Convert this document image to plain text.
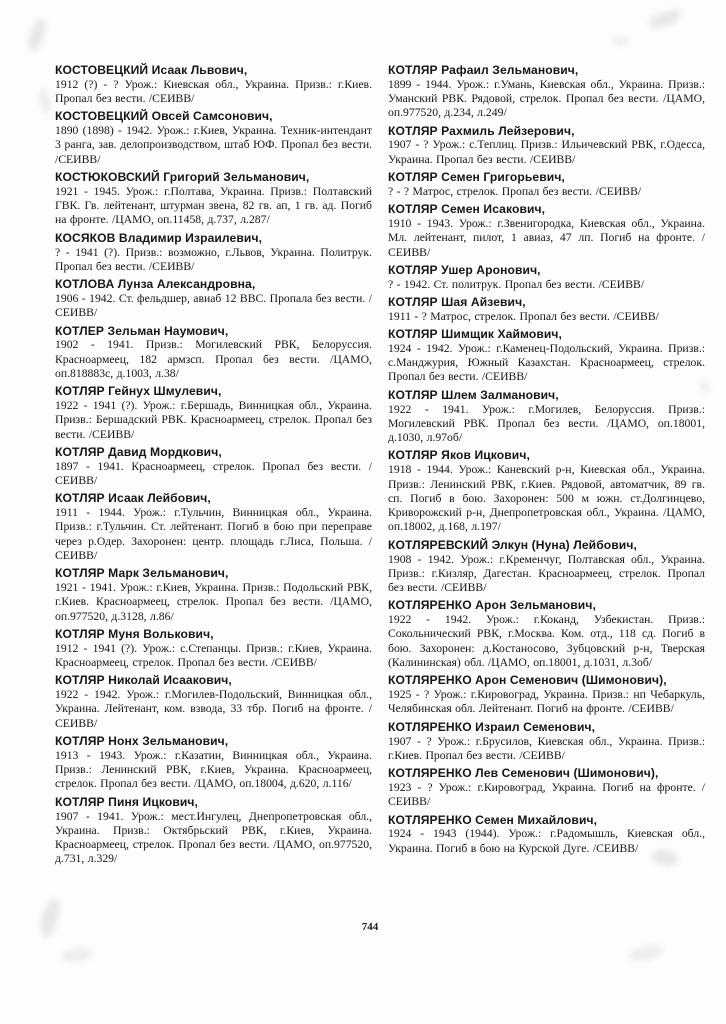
КОСТОВЕЦКИЙ Исаак Львович,
1912 (?) - ? Урож.: Киевская обл., Украина. Призв.: г.Киев. Пропал без вести. /СЕИВВ/
КОСТОВЕЦКИЙ Овсей Самсонович,
1890 (1898) - 1942. Урож.: г.Киев, Украина. Техник-интендант 3 ранга, зав. делопроизводством, штаб ЮФ. Пропал без вести. /СЕИВВ/
КОСТЮКОВСКИЙ Григорий Зельманович,
1921 - 1945. Урож.: г.Полтава, Украина. Призв.: Полтавский ГВК. Гв. лейтенант, штурман звена, 82 гв. ап, 1 гв. ад. Погиб на фронте. /ЦАМО, оп.11458, д.737, л.287/
КОСЯКОВ Владимир Израилевич,
? - 1941 (?). Призв.: возможно, г.Львов, Украина. Политрук. Пропал без вести. /СЕИВВ/
КОТЛОВА Лунза Александровна,
1906 - 1942. Ст. фельдшер, авиаб 12 ВВС. Пропала без вести. /СЕИВВ/
КОТЛЕР Зельман Наумович,
1902 - 1941. Призв.: Могилевский РВК, Белоруссия. Красноармеец, 182 армзсп. Пропал без вести. /ЦАМО, оп.818883с, д.1003, л.38/
КОТЛЯР Гейнух Шмулевич,
1922 - 1941 (?). Урож.: г.Бершадь, Винницкая обл., Украина. Призв.: Бершадский РВК. Красноармеец, стрелок. Пропал без вести. /СЕИВВ/
КОТЛЯР Давид Мордкович,
1897 - 1941. Красноармеец, стрелок. Пропал без вести. /СЕИВВ/
КОТЛЯР Исаак Лейбович,
1911 - 1944. Урож.: г.Тульчин, Винницкая обл., Украина. Призв.: г.Тульчин. Ст. лейтенант. Погиб в бою при переправе через р.Одер. Захоронен: центр. площадь г.Лиса, Польша. /СЕИВВ/
КОТЛЯР Марк Зельманович,
1921 - 1941. Урож.: г.Киев, Украина. Призв.: Подольский РВК, г.Киев. Красноармеец, стрелок. Пропал без вести. /ЦАМО, оп.977520, д.3128, л.86/
КОТЛЯР Муня Волькович,
1912 - 1941 (?). Урож.: с.Степанцы. Призв.: г.Киев, Украина. Красноармеец, стрелок. Пропал без вести. /СЕИВВ/
КОТЛЯР Николай Исаакович,
1922 - 1942. Урож.: г.Могилев-Подольский, Винницкая обл., Украина. Лейтенант, ком. взвода, 33 тбр. Погиб на фронте. /СЕИВВ/
КОТЛЯР Нонх Зельманович,
1913 - 1943. Урож.: г.Казатин, Винницкая обл., Украина. Призв.: Ленинский РВК, г.Киев, Украина. Красноармеец, стрелок. Пропал без вести. /ЦАМО, оп.18004, д.620, л.116/
КОТЛЯР Пиня Ицкович,
1907 - 1941. Урож.: мест.Ингулец, Днепропетровская обл., Украина. Призв.: Октябрьский РВК, г.Киев, Украина. Красноармеец, стрелок. Пропал без вести. /ЦАМО, оп.977520, д.731, л.329/
КОТЛЯР Рафаил Зельманович,
1899 - 1944. Урож.: г.Умань, Киевская обл., Украина. Призв.: Уманский РВК. Рядовой, стрелок. Пропал без вести. /ЦАМО, оп.977520, д.234, л.249/
КОТЛЯР Рахмиль Лейзерович,
1907 - ? Урож.: с.Теплиц. Призв.: Ильичевский РВК, г.Одесса, Украина. Пропал без вести. /СЕИВВ/
КОТЛЯР Семен Григорьевич,
? - ? Матрос, стрелок. Пропал без вести. /СЕИВВ/
КОТЛЯР Семен Исакович,
1910 - 1943. Урож.: г.Звенигородка, Киевская обл., Украина. Мл. лейтенант, пилот, 1 авиаз, 47 лп. Погиб на фронте. /СЕИВВ/
КОТЛЯР Ушер Аронович,
? - 1942. Ст. политрук. Пропал без вести. /СЕИВВ/
КОТЛЯР Шая Айзевич,
1911 - ? Матрос, стрелок. Пропал без вести. /СЕИВВ/
КОТЛЯР Шимщик Хаймович,
1924 - 1942. Урож.: г.Каменец-Подольский, Украина. Призв.: с.Манджурия, Южный Казахстан. Красноармеец, стрелок. Пропал без вести. /СЕИВВ/
КОТЛЯР Шлем Залманович,
1922 - 1941. Урож.: г.Могилев, Белоруссия. Призв.: Могилевский РВК. Пропал без вести. /ЦАМО, оп.18001, д.1030, л.97об/
КОТЛЯР Яков Ицкович,
1918 - 1944. Урож.: Каневский р-н, Киевская обл., Украина. Призв.: Ленинский РВК, г.Киев. Рядовой, автоматчик, 89 гв. сп. Погиб в бою. Захоронен: 500 м южн. ст.Долгинцево, Криворожский р-н, Днепропетровская обл., Украина. /ЦАМО, оп.18002, д.168, л.197/
КОТЛЯРЕВСКИЙ Элкун (Нуна) Лейбович,
1908 - 1942. Урож.: г.Кременчуг, Полтавская обл., Украина. Призв.: г.Кизляр, Дагестан. Красноармеец, стрелок. Пропал без вести. /СЕИВВ/
КОТЛЯРЕНКО Арон Зельманович,
1922 - 1942. Урож.: г.Коканд, Узбекистан. Призв.: Сокольнический РВК, г.Москва. Ком. отд., 118 сд. Погиб в бою. Захоронен: д.Костаносово, Зубцовский р-н, Тверская (Калининская) обл. /ЦАМО, оп.18001, д.1031, л.3об/
КОТЛЯРЕНКО Арон Семенович (Шимонович),
1925 - ? Урож.: г.Кировоград, Украина. Призв.: нп Чебаркуль, Челябинская обл. Лейтенант. Погиб на фронте. /СЕИВВ/
КОТЛЯРЕНКО Израил Семенович,
1907 - ? Урож.: г.Брусилов, Киевская обл., Украина. Призв.: г.Киев. Пропал без вести. /СЕИВВ/
КОТЛЯРЕНКО Лев Семенович (Шимонович),
1923 - ? Урож.: г.Кировоград, Украина. Погиб на фронте. /СЕИВВ/
КОТЛЯРЕНКО Семен Михайлович,
1924 - 1943 (1944). Урож.: г.Радомышль, Киевская обл., Украина. Погиб в бою на Курской Дуге. /СЕИВВ/
744
